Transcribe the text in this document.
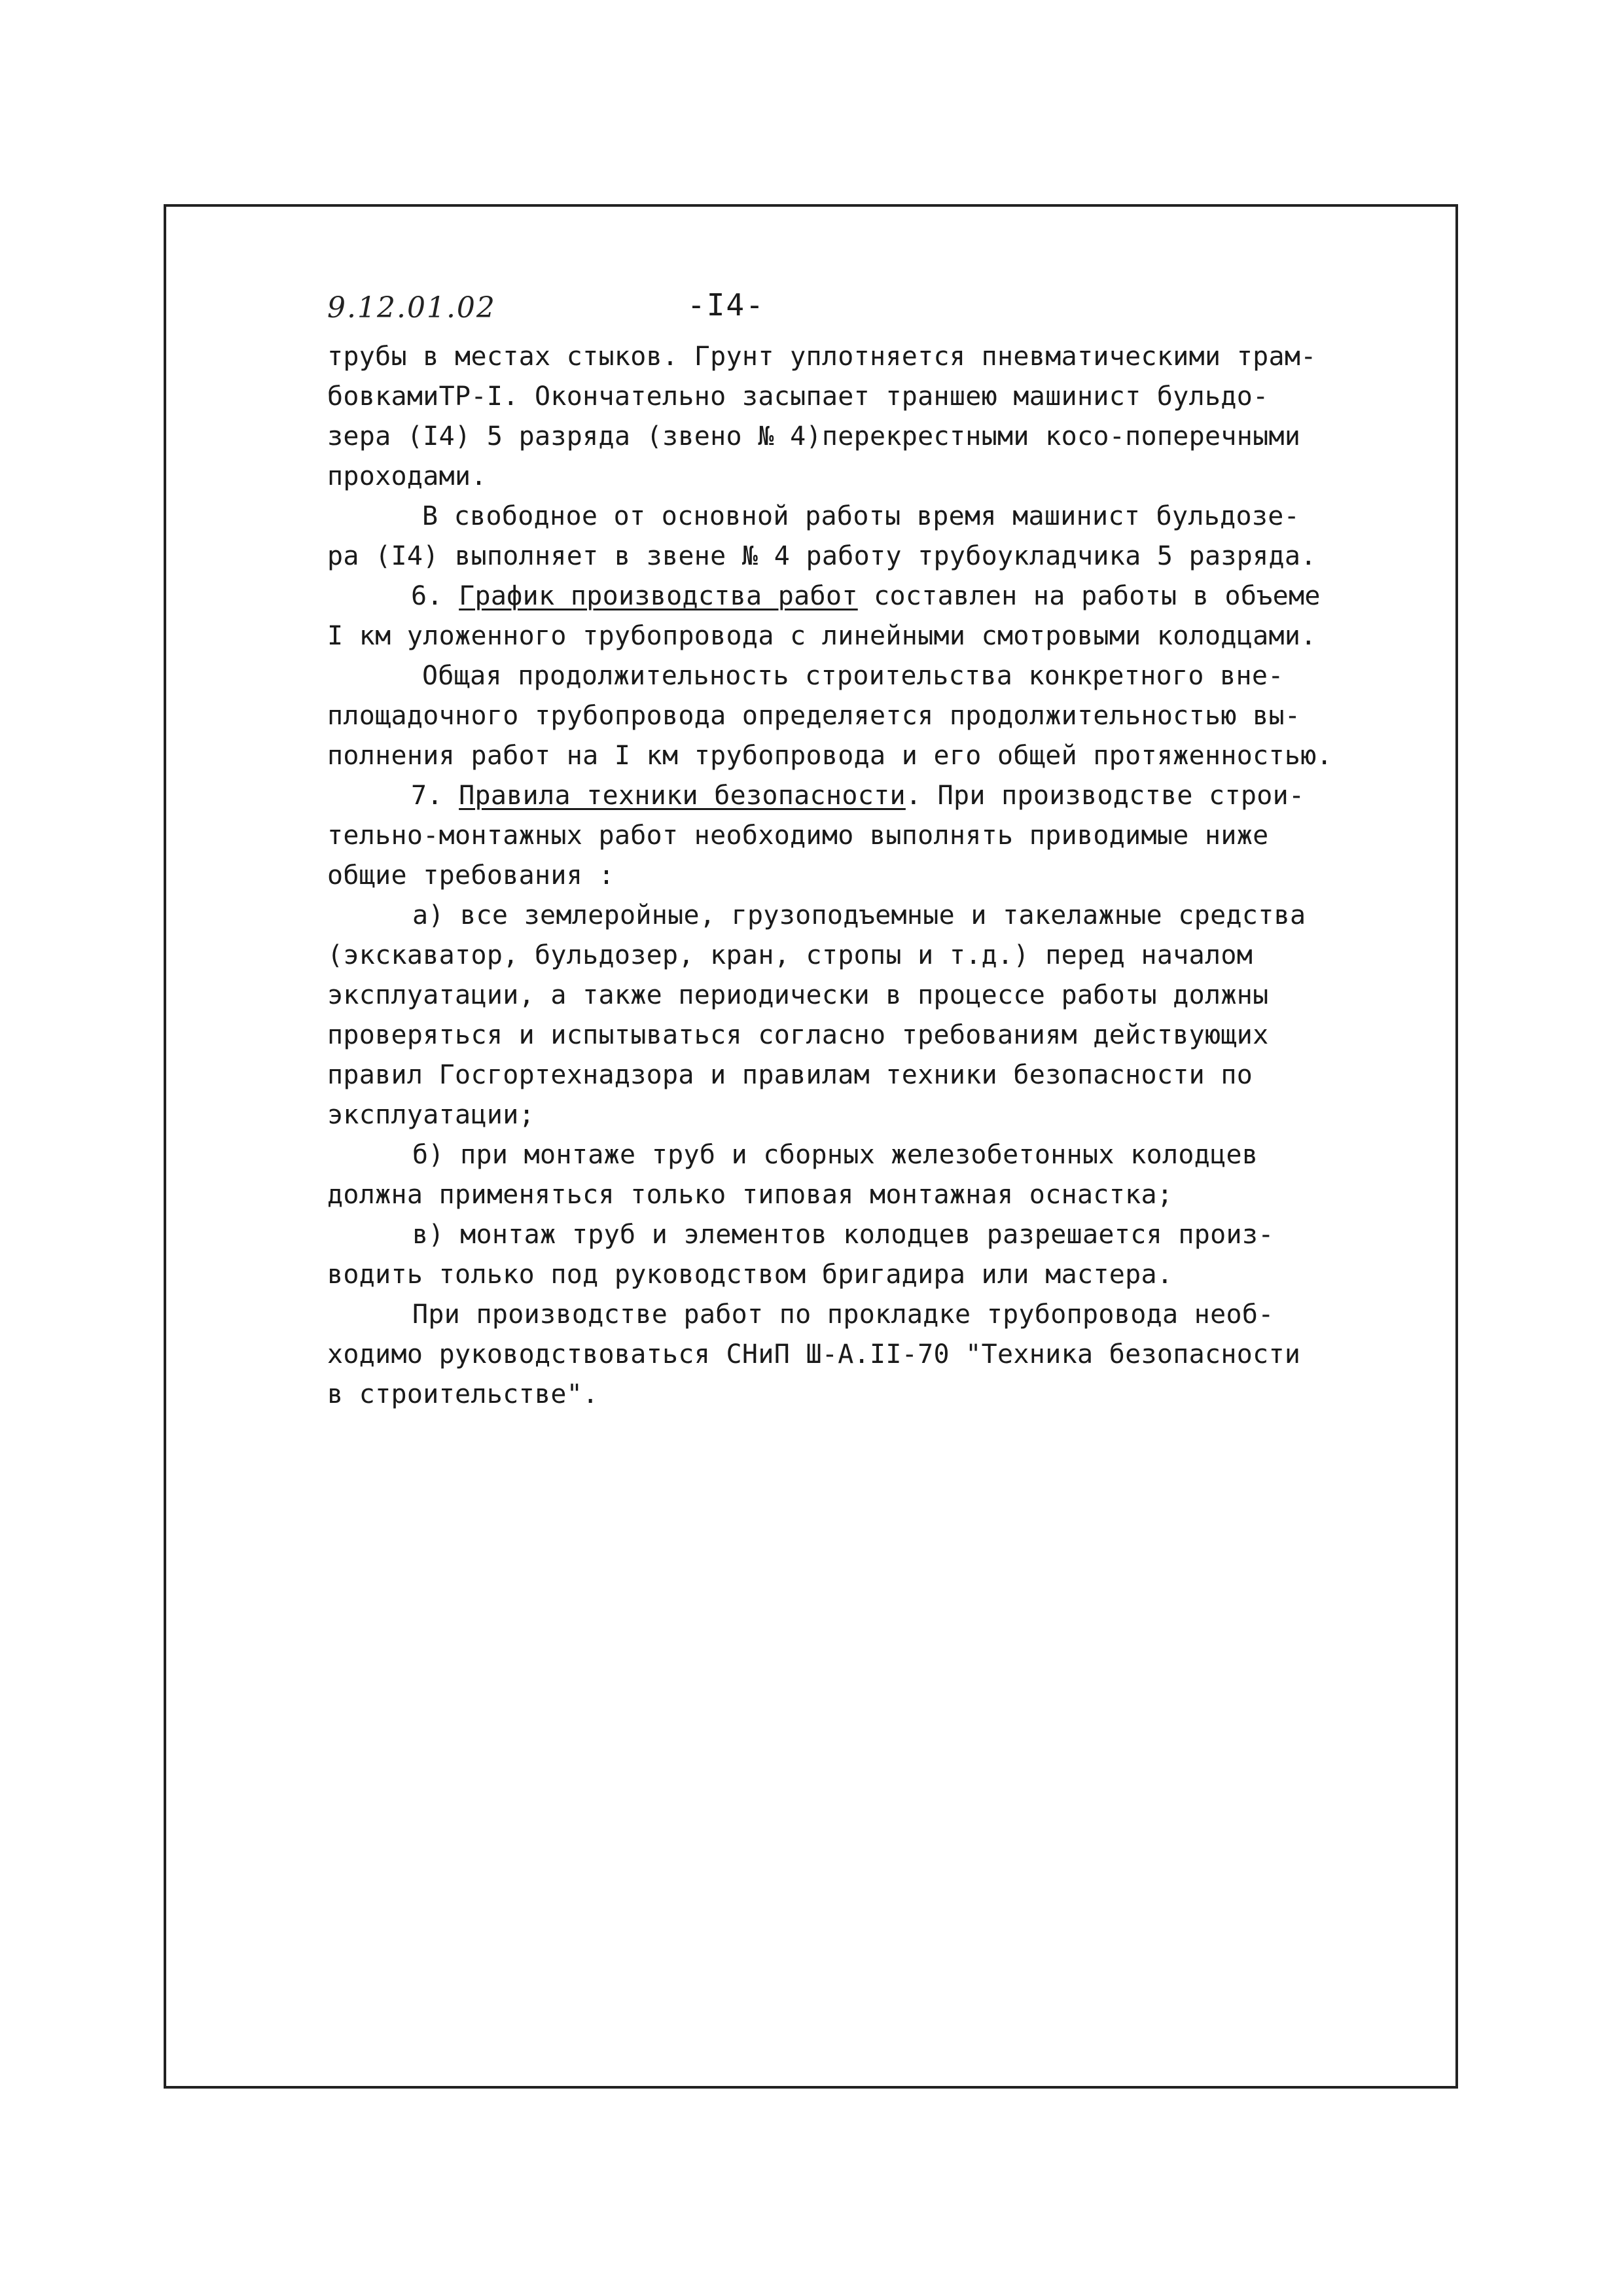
9.12.01.02	-I4-
трубы в местах стыков. Грунт уплотняется пневматическими трам-
бовкамиТР-I. Окончательно засыпает траншею машинист бульдо-
зера (I4) 5 разряда (звено № 4)перекрестными косо-поперечными
проходами.
В свободное от основной работы время машинист бульдозе-
ра (I4) выполняет в звене № 4 работу трубоукладчика 5 разряда.
6. График производства работ составлен на работы в объеме
I км уложенного трубопровода с линейными смотровыми колодцами.
Общая продолжительность строительства конкретного вне-
площадочного трубопровода определяется продолжительностью вы-
полнения работ на I км трубопровода и его общей протяженностью.
7. Правила техники безопасности. При производстве строи-
тельно-монтажных работ необходимо выполнять приводимые ниже
общие требования :
а) все землеройные, грузоподъемные и такелажные средства
(экскаватор, бульдозер, кран, стропы и т.д.) перед началом
эксплуатации, а также периодически в процессе работы должны
проверяться и испытываться согласно требованиям действующих
правил Госгортехнадзора и правилам техники безопасности по
эксплуатации;
б) при монтаже труб и сборных железобетонных колодцев
должна применяться только типовая монтажная оснастка;
в) монтаж труб и элементов колодцев разрешается произ-
водить только под руководством бригадира или мастера.
При производстве работ по прокладке трубопровода необ-
ходимо руководствоваться СНиП Ш-А.II-70 "Техника безопасности
в строительстве".
